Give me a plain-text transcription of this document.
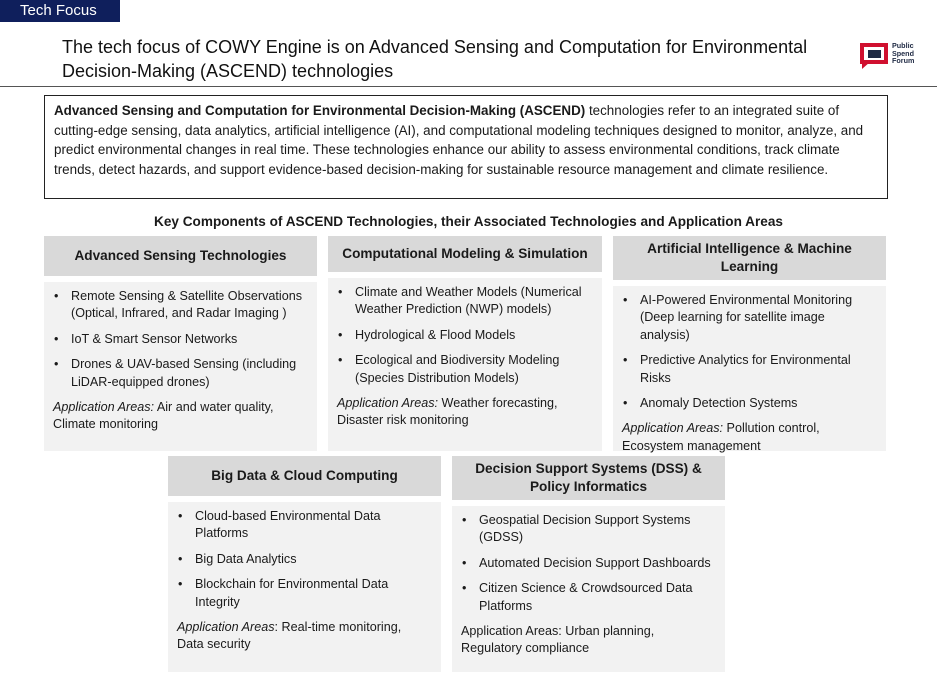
Tech Focus
The tech focus of COWY Engine is on Advanced Sensing and Computation for Environmental Decision-Making (ASCEND) technologies
Public
Spend
Forum
Advanced Sensing and Computation for Environmental Decision-Making (ASCEND) technologies refer to an integrated suite of cutting-edge sensing, data analytics, artificial intelligence (AI), and computational modeling techniques designed to monitor, analyze, and predict environmental changes in real time. These technologies enhance our ability to assess environmental conditions, track climate trends, detect hazards, and support evidence-based decision-making for sustainable resource management and climate resilience.
Key Components of ASCEND Technologies, their Associated Technologies and Application Areas
Advanced Sensing Technologies
• Remote Sensing & Satellite Observations (Optical, Infrared, and Radar Imaging )
• IoT & Smart Sensor Networks
• Drones & UAV-based Sensing (including LiDAR-equipped drones)
Application Areas: Air and water quality, Climate monitoring
Computational Modeling & Simulation
• Climate and Weather Models (Numerical Weather Prediction (NWP) models)
• Hydrological & Flood Models
• Ecological and Biodiversity Modeling (Species Distribution Models)
Application Areas: Weather forecasting, Disaster risk monitoring
Artificial Intelligence & Machine Learning
• AI-Powered Environmental Monitoring (Deep learning for satellite image analysis)
• Predictive Analytics for Environmental Risks
• Anomaly Detection Systems
Application Areas: Pollution control, Ecosystem management
Big Data & Cloud Computing
• Cloud-based Environmental Data Platforms
• Big Data Analytics
• Blockchain for Environmental Data Integrity
Application Areas: Real-time monitoring, Data security
Decision Support Systems (DSS) & Policy Informatics
• Geospatial Decision Support Systems (GDSS)
• Automated Decision Support Dashboards
• Citizen Science & Crowdsourced Data Platforms
Application Areas: Urban planning, Regulatory compliance
